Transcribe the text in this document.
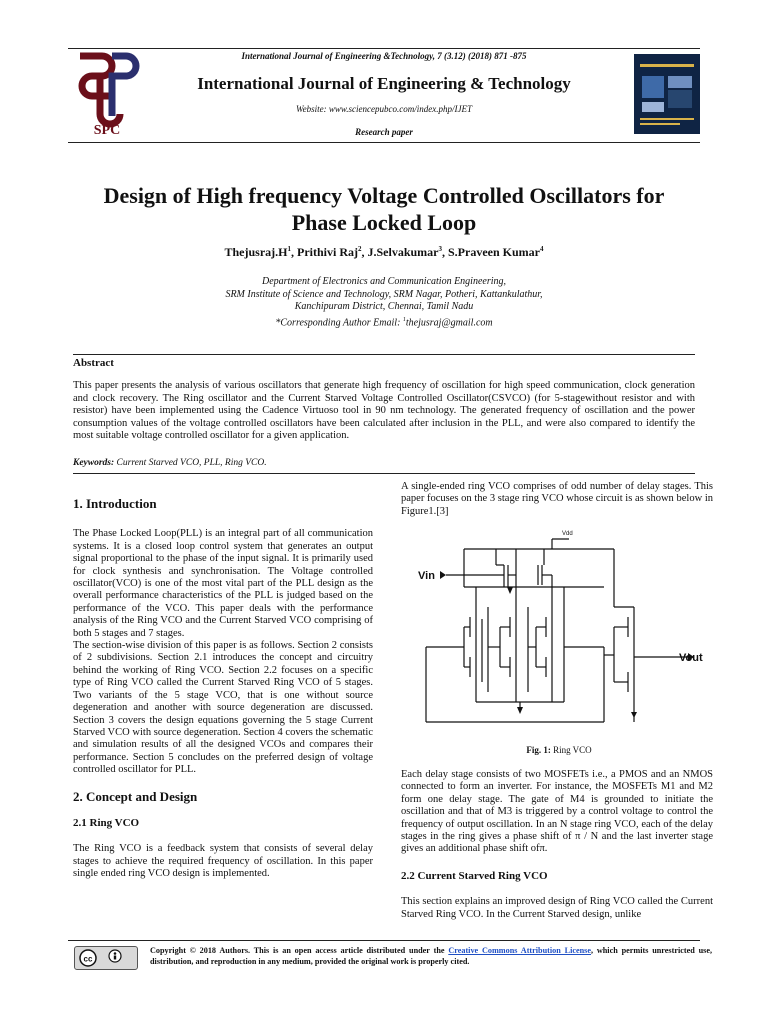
SPC
International Journal of Engineering &Technology, 7 (3.12) (2018) 871 -875
International Journal of Engineering & Technology
Website: www.sciencepubco.com/index.php/IJET
Research paper
Design of High frequency Voltage Controlled Oscillators for
Phase Locked Loop
$Thejusraj.H^1$, Prithivi Raj$^2$, J.Selvakumar$^3$, S.Praveen Kumar$^4$
Department of Electronics and Communication Engineering,
SRM Institute of Science and Technology, SRM Nagar, Potheri, Kattankulathur,
Kanchipuram District, Chennai, Tamil Nadu
*Corresponding Author Email: $^1$thejusraj@gmail.com
Abstract
This paper presents the analysis of various oscillators that generate high frequency of oscillation for high speed communication, clock generation and clock recovery. The Ring oscillator and the Current Starved Voltage Controlled Oscillator(CSVCO) (for 5-stagewithout resistor and with resistor) have been implemented using the Cadence Virtuoso tool in 90 nm technology. The generated frequency of oscillation and the power consumption values of the voltage controlled oscillators have been calculated after inclusion in the PLL, and were also compared to identify the most suitable voltage controlled oscillator for a given application.
Keywords: Current Starved VCO, PLL, Ring VCO.

1. Introduction

The Phase Locked Loop(PLL) is an integral part of all communication systems. It is a closed loop control system that generates an output signal proportional to the phase of the input signal. It is primarily used for clock synthesis and synchronisation. The Voltage controlled oscillator(VCO) is one of the most vital part of the PLL design as the overall performance characteristics of the PLL is judged based on the performance of the VCO. This paper deals with the performance analysis of the Ring VCO and the Current Starved VCO comprising of both 5 stages and 7 stages.

The section-wise division of this paper is as follows. Section 2 consists of 2 subdivisions. Section 2.1 introduces the concept and circuitry behind the working of Ring VCO. Section 2.2 focuses on a specific type of Ring VCO called the Current Starved Ring VCO of 5 stages. Two variants of the 5 stage VCO, that is one without source degeneration and another with source degeneration are discussed. Section 3 covers the design equations governing the 5 stage Current Starved VCO with source degeneration. Section 4 covers the schematic and simulation results of all the designed VCOs and compares their performance. Section 5 concludes on the preferred design of voltage controlled oscillator for PLL.

2. Concept and Design

2.1 Ring VCO

The Ring VCO is a feedback system that consists of several delay stages to achieve the required frequency of oscillation. In this paper single ended ring VCO design is implemented.

A single-ended ring VCO comprises of odd number of delay stages. This paper focuses on the 3 stage ring VCO whose circuit is as shown below in Figure1.[3]

Vdd
Vin
Vout
Fig. 1: Ring VCO

Each delay stage consists of two MOSFETs i.e., a PMOS and an NMOS connected to form an inverter. For instance, the MOSFETs M1 and M2 form one delay stage. The gate of M4 is grounded to initiate the oscillation and that of M3 is triggered by a control voltage to control the frequency of output oscillation. In an N stage ring VCO, each of the delay stages in the ring gives a phase shift of π / N and the last inverter stage gives an additional phase shift ofπ.

2.2 Current Starved Ring VCO

This section explains an improved design of Ring VCO called the Current Starved Ring VCO. In the Current Starved design, unlike

cc
Copyright © 2018 Authors. This is an open access article distributed under the Creative Commons Attribution License, which permits unrestricted use, distribution, and reproduction in any medium, provided the original work is properly cited.
